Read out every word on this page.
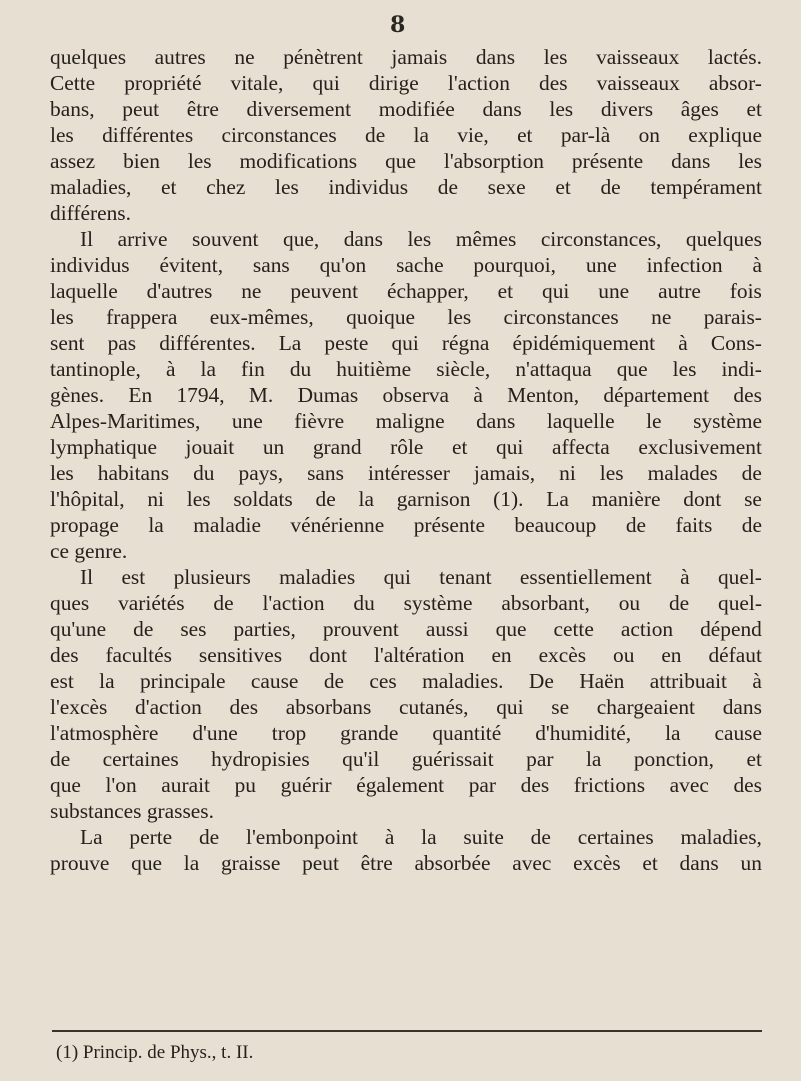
8

quelques autres ne pénètrent jamais dans les vaisseaux lactés.
Cette propriété vitale, qui dirige l'action des vaisseaux absor-
bans, peut être diversement modifiée dans les divers âges et
les différentes circonstances de la vie, et par-là on explique
assez bien les modifications que l'absorption présente dans les
maladies, et chez les individus de sexe et de tempérament
différens.

Il arrive souvent que, dans les mêmes circonstances, quelques
individus évitent, sans qu'on sache pourquoi, une infection à
laquelle d'autres ne peuvent échapper, et qui une autre fois
les frappera eux-mêmes, quoique les circonstances ne parais-
sent pas différentes. La peste qui régna épidémiquement à Cons-
tantinople, à la fin du huitième siècle, n'attaqua que les indi-
gènes. En 1794, M. Dumas observa à Menton, département des
Alpes-Maritimes, une fièvre maligne dans laquelle le système
lymphatique jouait un grand rôle et qui affecta exclusivement
les habitans du pays, sans intéresser jamais, ni les malades de
l'hôpital, ni les soldats de la garnison (1). La manière dont se
propage la maladie vénérienne présente beaucoup de faits de
ce genre.

Il est plusieurs maladies qui tenant essentiellement à quel-
ques variétés de l'action du système absorbant, ou de quel-
qu'une de ses parties, prouvent aussi que cette action dépend
des facultés sensitives dont l'altération en excès ou en défaut
est la principale cause de ces maladies. De Haën attribuait à
l'excès d'action des absorbans cutanés, qui se chargeaient dans
l'atmosphère d'une trop grande quantité d'humidité, la cause
de certaines hydropisies qu'il guérissait par la ponction, et
que l'on aurait pu guérir également par des frictions avec des
substances grasses.

La perte de l'embonpoint à la suite de certaines maladies,
prouve que la graisse peut être absorbée avec excès et dans un

(1) Princip. de Phys., t. II.
